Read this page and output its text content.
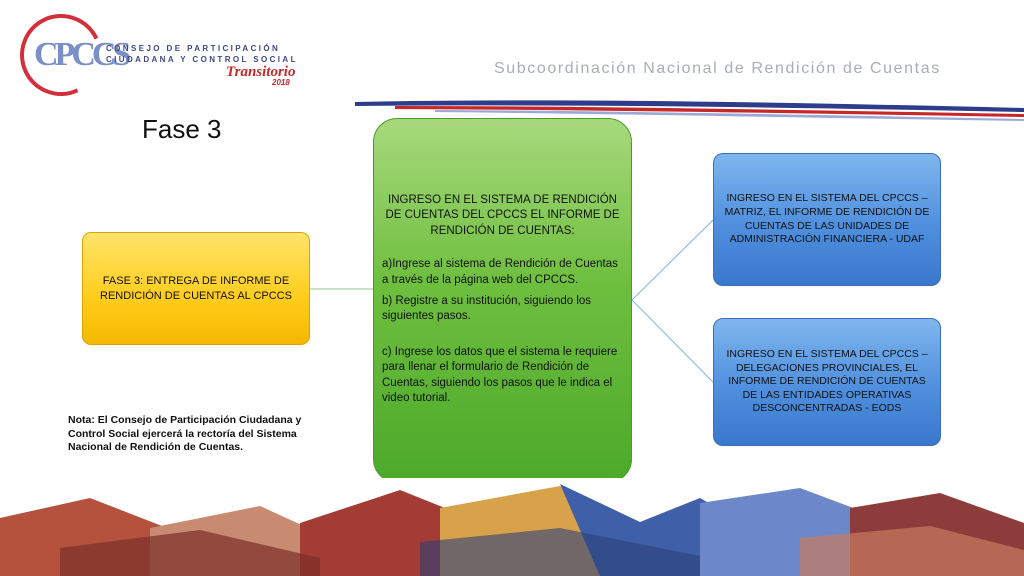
CPCCS
CONSEJO DE PARTICIPACIÓN
CIUDADANA Y CONTROL SOCIAL
Transitorio
2018
Subcoordinación Nacional de Rendición de Cuentas
Fase 3
FASE 3: ENTREGA DE INFORME DE RENDICIÓN DE CUENTAS AL CPCCS
INGRESO EN EL SISTEMA DE RENDICIÓN DE CUENTAS DEL CPCCS EL INFORME DE RENDICIÓN DE CUENTAS:

a)Ingrese al sistema de Rendición de Cuentas a través de la página web del CPCCS.

b) Registre a su institución, siguiendo los siguientes pasos.

c) Ingrese los datos que el sistema le requiere para llenar el formulario de Rendición de Cuentas, siguiendo los pasos que le indica el video tutorial.

INGRESO EN EL SISTEMA DEL CPCCS – MATRIZ, EL INFORME DE RENDICIÓN DE CUENTAS DE LAS UNIDADES DE ADMINISTRACIÓN FINANCIERA - UDAF
INGRESO EN EL SISTEMA DEL CPCCS – DELEGACIONES PROVINCIALES, EL INFORME DE RENDICIÓN DE CUENTAS DE LAS ENTIDADES OPERATIVAS DESCONCENTRADAS - EODS
Nota: El Consejo de Participación Ciudadana y Control Social ejercerá la rectoría del Sistema Nacional de Rendición de Cuentas.
